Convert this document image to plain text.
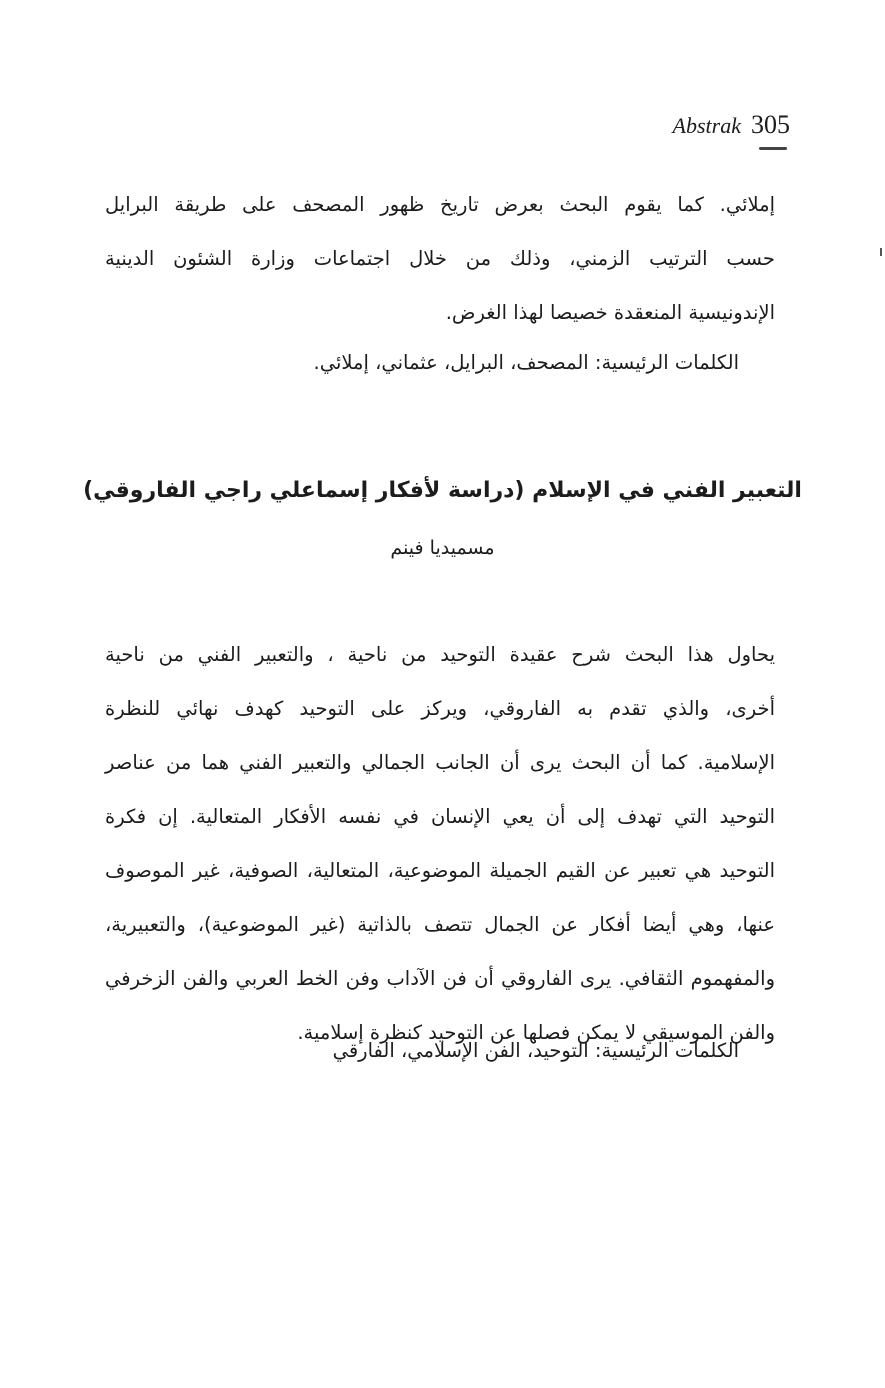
Abstrak 305
إملائي. كما يقوم البحث بعرض تاريخ ظهور المصحف على طريقة البرايل
حسب الترتيب الزمني، وذلك من خلال اجتماعات وزارة الشئون الدينية
الإندونيسية المنعقدة خصيصا لهذا الغرض.
الكلمات الرئيسية: المصحف، البرايل، عثماني، إملائي.
التعبير الفني في الإسلام (دراسة لأفكار إسماعلي راجي الفاروقي)
مسميديا فينم
يحاول هذا البحث شرح عقيدة التوحيد من ناحية ، والتعبير الفني من ناحية
أخرى، والذي تقدم به الفاروقي، ويركز على التوحيد كهدف نهائي للنظرة
الإسلامية. كما أن البحث يرى أن الجانب الجمالي والتعبير الفني هما من عناصر
التوحيد التي تهدف إلى أن يعي الإنسان في نفسه الأفكار المتعالية. إن فكرة
التوحيد هي تعبير عن القيم الجميلة الموضوعية، المتعالية، الصوفية، غير الموصوف
عنها، وهي أيضا أفكار عن الجمال تتصف بالذاتية (غير الموضوعية)، والتعبيرية،
والمفهموم الثقافي. يرى الفاروقي أن فن الآداب وفن الخط العربي والفن الزخرفي
والفن الموسيقي لا يمكن فصلها عن التوحيد كنظرة إسلامية.
الكلمات الرئيسية: التوحيد، الفن الإسلامي، الفارقي
